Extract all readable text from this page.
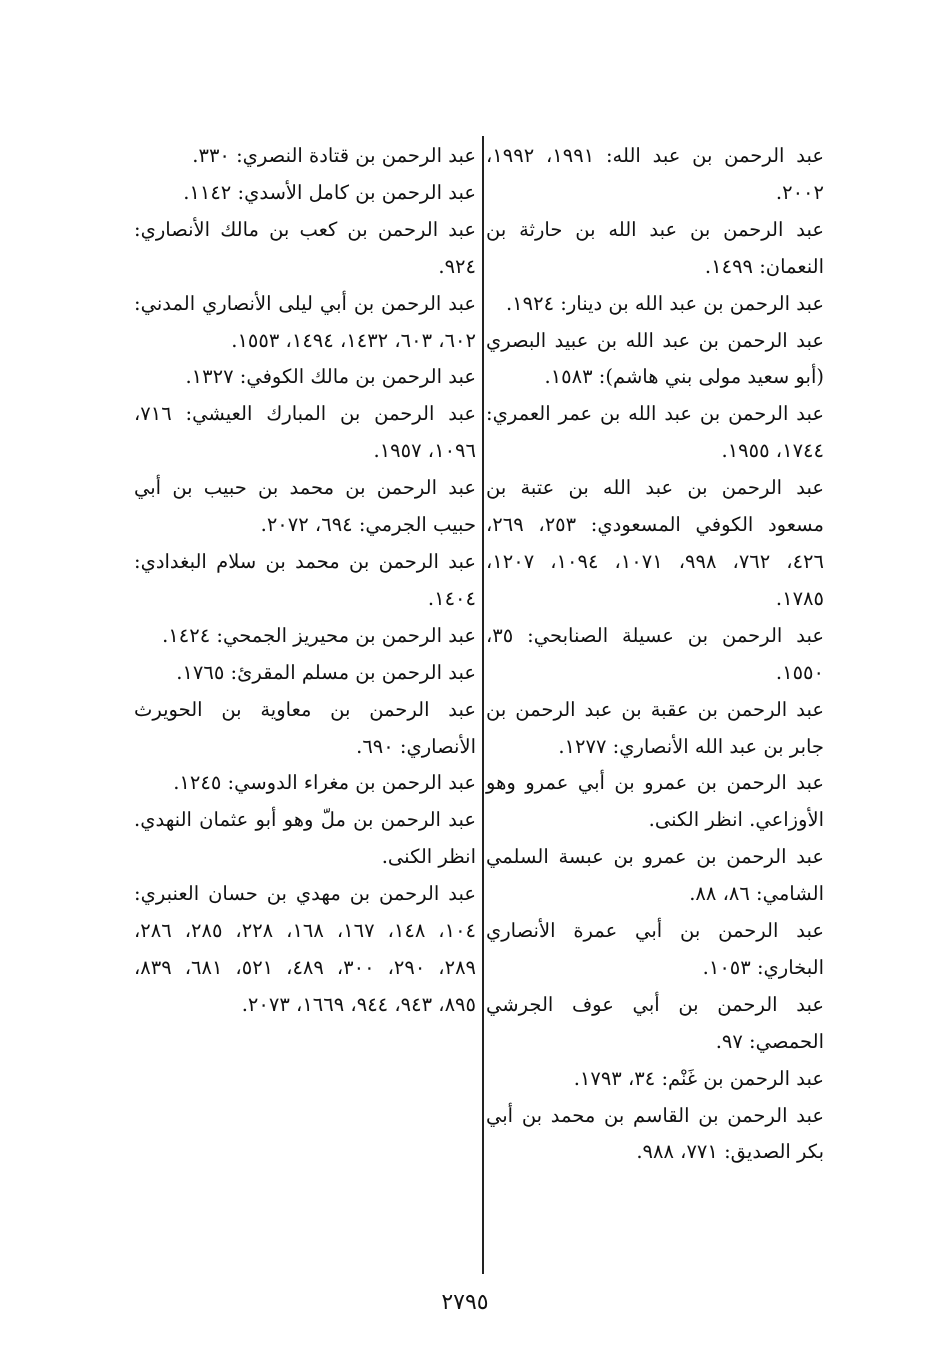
عبد الرحمن بن عبد الله: ١٩٩١، ١٩٩٢، ٢٠٠٢.

عبد الرحمن بن عبد الله بن حارثة بن النعمان: ١٤٩٩.

عبد الرحمن بن عبد الله بن دينار: ١٩٢٤.

عبد الرحمن بن عبد الله بن عبيد البصري (أبو سعيد مولى بني هاشم): ١٥٨٣.

عبد الرحمن بن عبد الله بن عمر العمري: ١٧٤٤، ١٩٥٥.

عبد الرحمن بن عبد الله بن عتبة بن مسعود الكوفي المسعودي: ٢٥٣، ٢٦٩، ٤٢٦، ٧٦٢، ٩٩٨، ١٠٧١، ١٠٩٤، ١٢٠٧، ١٧٨٥.

عبد الرحمن بن عسيلة الصنابحي: ٣٥، ١٥٥٠.

عبد الرحمن بن عقبة بن عبد الرحمن بن جابر بن عبد الله الأنصاري: ١٢٧٧.

عبد الرحمن بن عمرو بن أبي عمرو وهو الأوزاعي. انظر الكنى.

عبد الرحمن بن عمرو بن عبسة السلمي الشامي: ٨٦، ٨٨.

عبد الرحمن بن أبي عمرة الأنصاري البخاري: ١٠٥٣.

عبد الرحمن بن أبي عوف الجرشي الحمصي: ٩٧.

عبد الرحمن بن غَنْم: ٣٤، ١٧٩٣.

عبد الرحمن بن القاسم بن محمد بن أبي بكر الصديق: ٧٧١، ٩٨٨.

عبد الرحمن بن قتادة النصري: ٣٣٠.

عبد الرحمن بن كامل الأسدي: ١١٤٢.

عبد الرحمن بن كعب بن مالك الأنصاري: ٩٢٤.

عبد الرحمن بن أبي ليلى الأنصاري المدني: ٦٠٢، ٦٠٣، ١٤٣٢، ١٤٩٤، ١٥٥٣.

عبد الرحمن بن مالك الكوفي: ١٣٢٧.

عبد الرحمن بن المبارك العيشي: ٧١٦، ١٠٩٦، ١٩٥٧.

عبد الرحمن بن محمد بن حبيب بن أبي حبيب الجرمي: ٦٩٤، ٢٠٧٢.

عبد الرحمن بن محمد بن سلام البغدادي: ١٤٠٤.

عبد الرحمن بن محيريز الجمحي: ١٤٢٤.

عبد الرحمن بن مسلم المقرئ: ١٧٦٥.

عبد الرحمن بن معاوية بن الحويرث الأنصاري: ٦٩٠.

عبد الرحمن بن مغراء الدوسي: ١٢٤٥.

عبد الرحمن بن ملّ وهو أبو عثمان النهدي. انظر الكنى.

عبد الرحمن بن مهدي بن حسان العنبري: ١٠٤، ١٤٨، ١٦٧، ١٦٨، ٢٢٨، ٢٨٥، ٢٨٦، ٢٨٩، ٢٩٠، ٣٠٠، ٤٨٩، ٥٢١، ٦٨١، ٨٣٩، ٨٩٥، ٩٤٣، ٩٤٤، ١٦٦٩، ٢٠٧٣.

٢٧٩٥
